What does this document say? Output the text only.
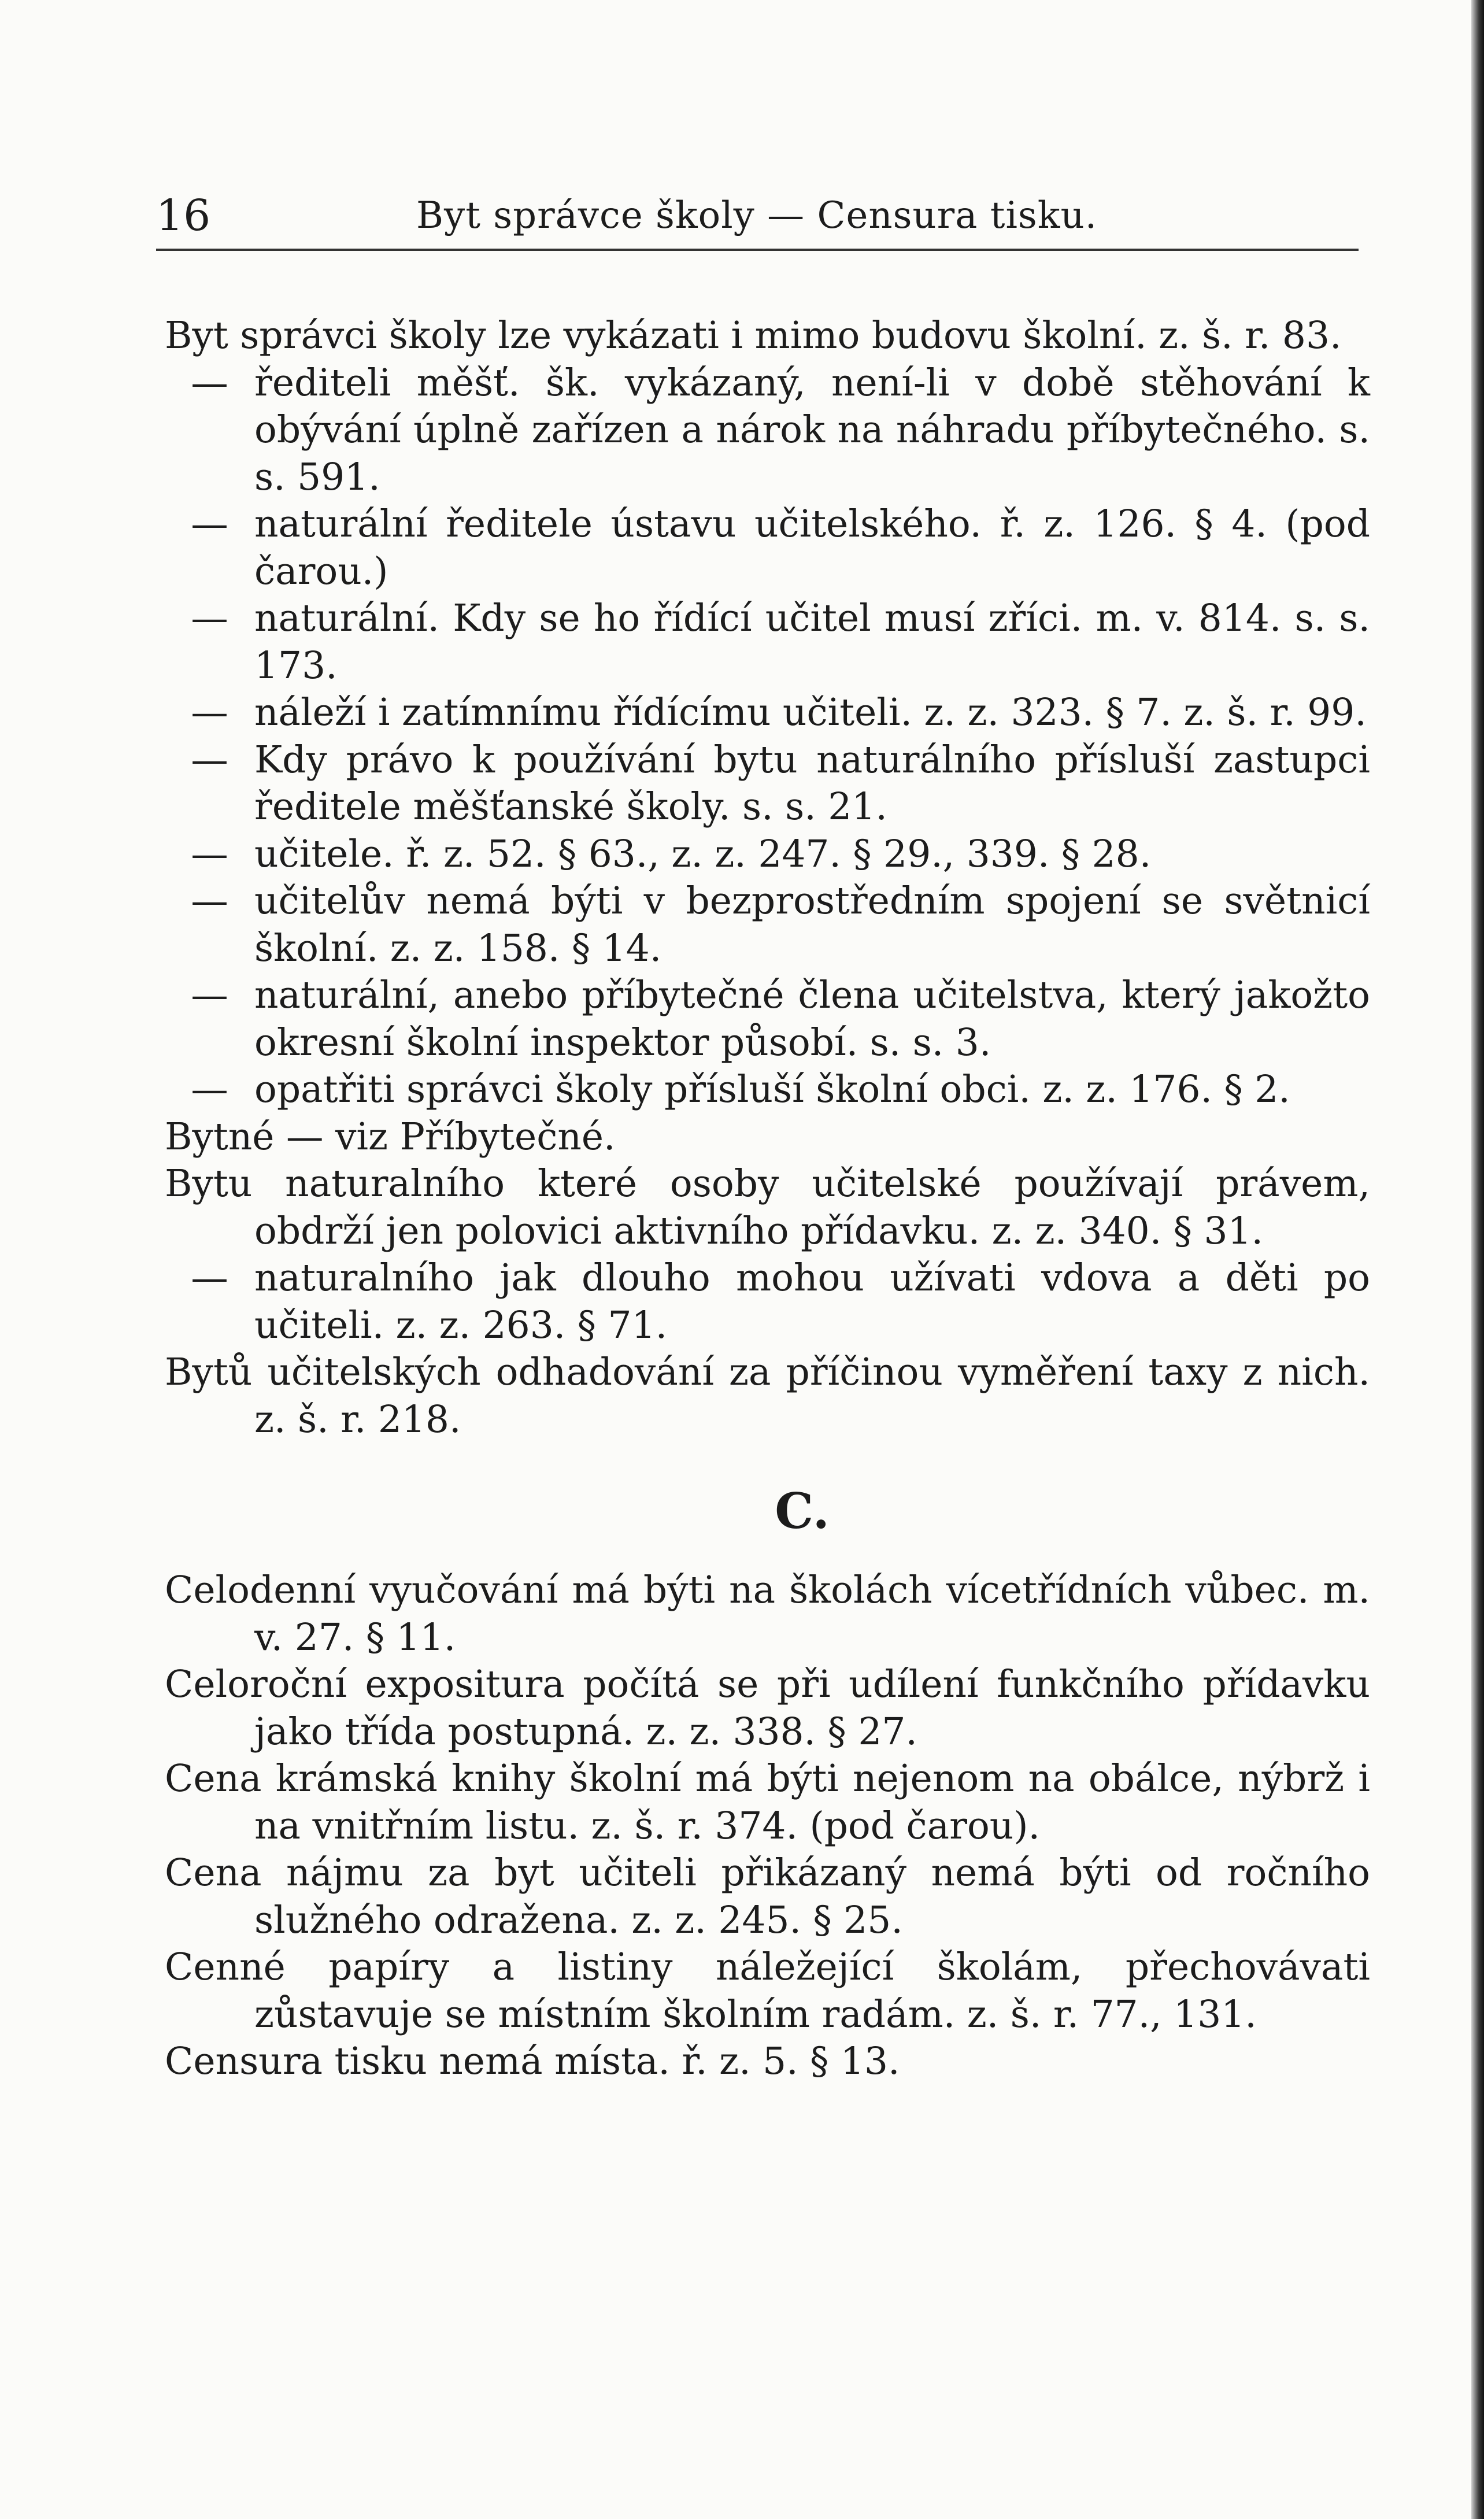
16	Byt správce školy — Censura tisku.

Byt správci školy lze vykázati i mimo budovu školní. z. š. r. 83.

— řediteli měšť. šk. vykázaný, není-li v době stěhování k obývání úplně zařízen a nárok na náhradu příbytečného. s. s. 591.

— naturální ředitele ústavu učitelského. ř. z. 126. § 4. (pod čarou.)

— naturální. Kdy se ho řídící učitel musí zříci. m. v. 814. s. s. 173.

— náleží i zatímnímu řídícímu učiteli. z. z. 323. § 7. z. š. r. 99.

— Kdy právo k používání bytu naturálního přísluší zastupci ředitele měšťanské školy. s. s. 21.

— učitele. ř. z. 52. § 63., z. z. 247. § 29., 339. § 28.

— učitelův nemá býti v bezprostředním spojení se světnicí školní. z. z. 158. § 14.

— naturální, anebo příbytečné člena učitelstva, který jakožto okresní školní inspektor působí. s. s. 3.

— opatřiti správci školy přísluší školní obci. z. z. 176. § 2.

Bytné — viz Příbytečné.

Bytu naturalního které osoby učitelské používají právem, obdrží jen polovici aktivního přídavku. z. z. 340. § 31.

— naturalního jak dlouho mohou užívati vdova a děti po učiteli. z. z. 263. § 71.

Bytů učitelských odhadování za příčinou vyměření taxy z nich. z. š. r. 218.

C.

Celodenní vyučování má býti na školách vícetřídních vůbec. m. v. 27. § 11.

Celoroční expositura počítá se při udílení funkčního přídavku jako třída postupná. z. z. 338. § 27.

Cena krámská knihy školní má býti nejenom na obálce, nýbrž i na vnitřním listu. z. š. r. 374. (pod čarou).

Cena nájmu za byt učiteli přikázaný nemá býti od ročního služného odražena. z. z. 245. § 25.

Cenné papíry a listiny náležející školám, přechovávati zůstavuje se místním školním radám. z. š. r. 77., 131.

Censura tisku nemá místa. ř. z. 5. § 13.
